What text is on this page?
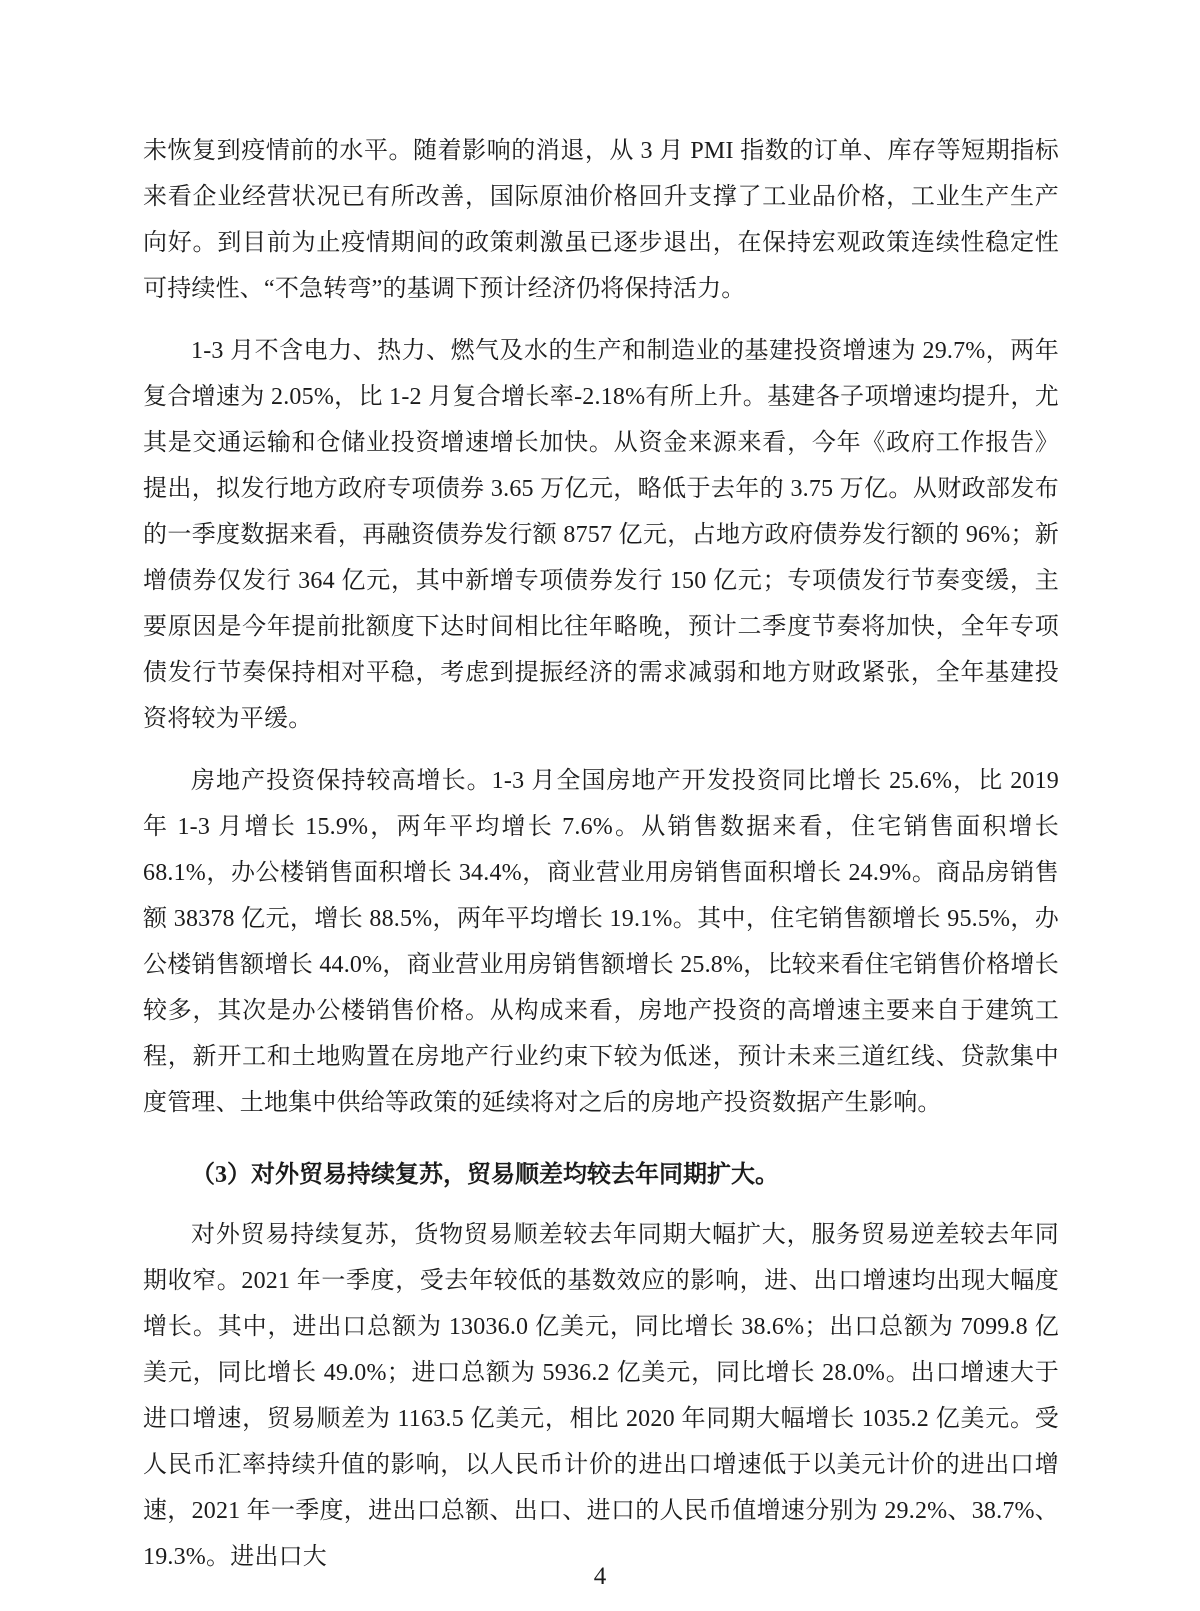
未恢复到疫情前的水平。随着影响的消退，从 3 月 PMI 指数的订单、库存等短期指标来看企业经营状况已有所改善，国际原油价格回升支撑了工业品价格，工业生产生产向好。到目前为止疫情期间的政策刺激虽已逐步退出，在保持宏观政策连续性稳定性可持续性、“不急转弯”的基调下预计经济仍将保持活力。

1-3 月不含电力、热力、燃气及水的生产和制造业的基建投资增速为 29.7%，两年复合增速为 2.05%，比 1-2 月复合增长率-2.18%有所上升。基建各子项增速均提升，尤其是交通运输和仓储业投资增速增长加快。从资金来源来看，今年《政府工作报告》提出，拟发行地方政府专项债券 3.65 万亿元，略低于去年的 3.75 万亿。从财政部发布的一季度数据来看，再融资债券发行额 8757 亿元，占地方政府债券发行额的 96%；新增债券仅发行 364 亿元，其中新增专项债券发行 150 亿元；专项债发行节奏变缓，主要原因是今年提前批额度下达时间相比往年略晚，预计二季度节奏将加快，全年专项债发行节奏保持相对平稳，考虑到提振经济的需求减弱和地方财政紧张，全年基建投资将较为平缓。

房地产投资保持较高增长。1-3 月全国房地产开发投资同比增长 25.6%，比 2019 年 1-3 月增长 15.9%，两年平均增长 7.6%。从销售数据来看，住宅销售面积增长 68.1%，办公楼销售面积增长 34.4%，商业营业用房销售面积增长 24.9%。商品房销售额 38378 亿元，增长 88.5%，两年平均增长 19.1%。其中，住宅销售额增长 95.5%，办公楼销售额增长 44.0%，商业营业用房销售额增长 25.8%，比较来看住宅销售价格增长较多，其次是办公楼销售价格。从构成来看，房地产投资的高增速主要来自于建筑工程，新开工和土地购置在房地产行业约束下较为低迷，预计未来三道红线、贷款集中度管理、土地集中供给等政策的延续将对之后的房地产投资数据产生影响。

（3）对外贸易持续复苏，贸易顺差均较去年同期扩大。

对外贸易持续复苏，货物贸易顺差较去年同期大幅扩大，服务贸易逆差较去年同期收窄。2021 年一季度，受去年较低的基数效应的影响，进、出口增速均出现大幅度增长。其中，进出口总额为 13036.0 亿美元，同比增长 38.6%；出口总额为 7099.8 亿美元，同比增长 49.0%；进口总额为 5936.2 亿美元，同比增长 28.0%。出口增速大于进口增速，贸易顺差为 1163.5 亿美元，相比 2020 年同期大幅增长 1035.2 亿美元。受人民币汇率持续升值的影响，以人民币计价的进出口增速低于以美元计价的进出口增速，2021 年一季度，进出口总额、出口、进口的人民币值增速分别为 29.2%、38.7%、19.3%。进出口大

4
